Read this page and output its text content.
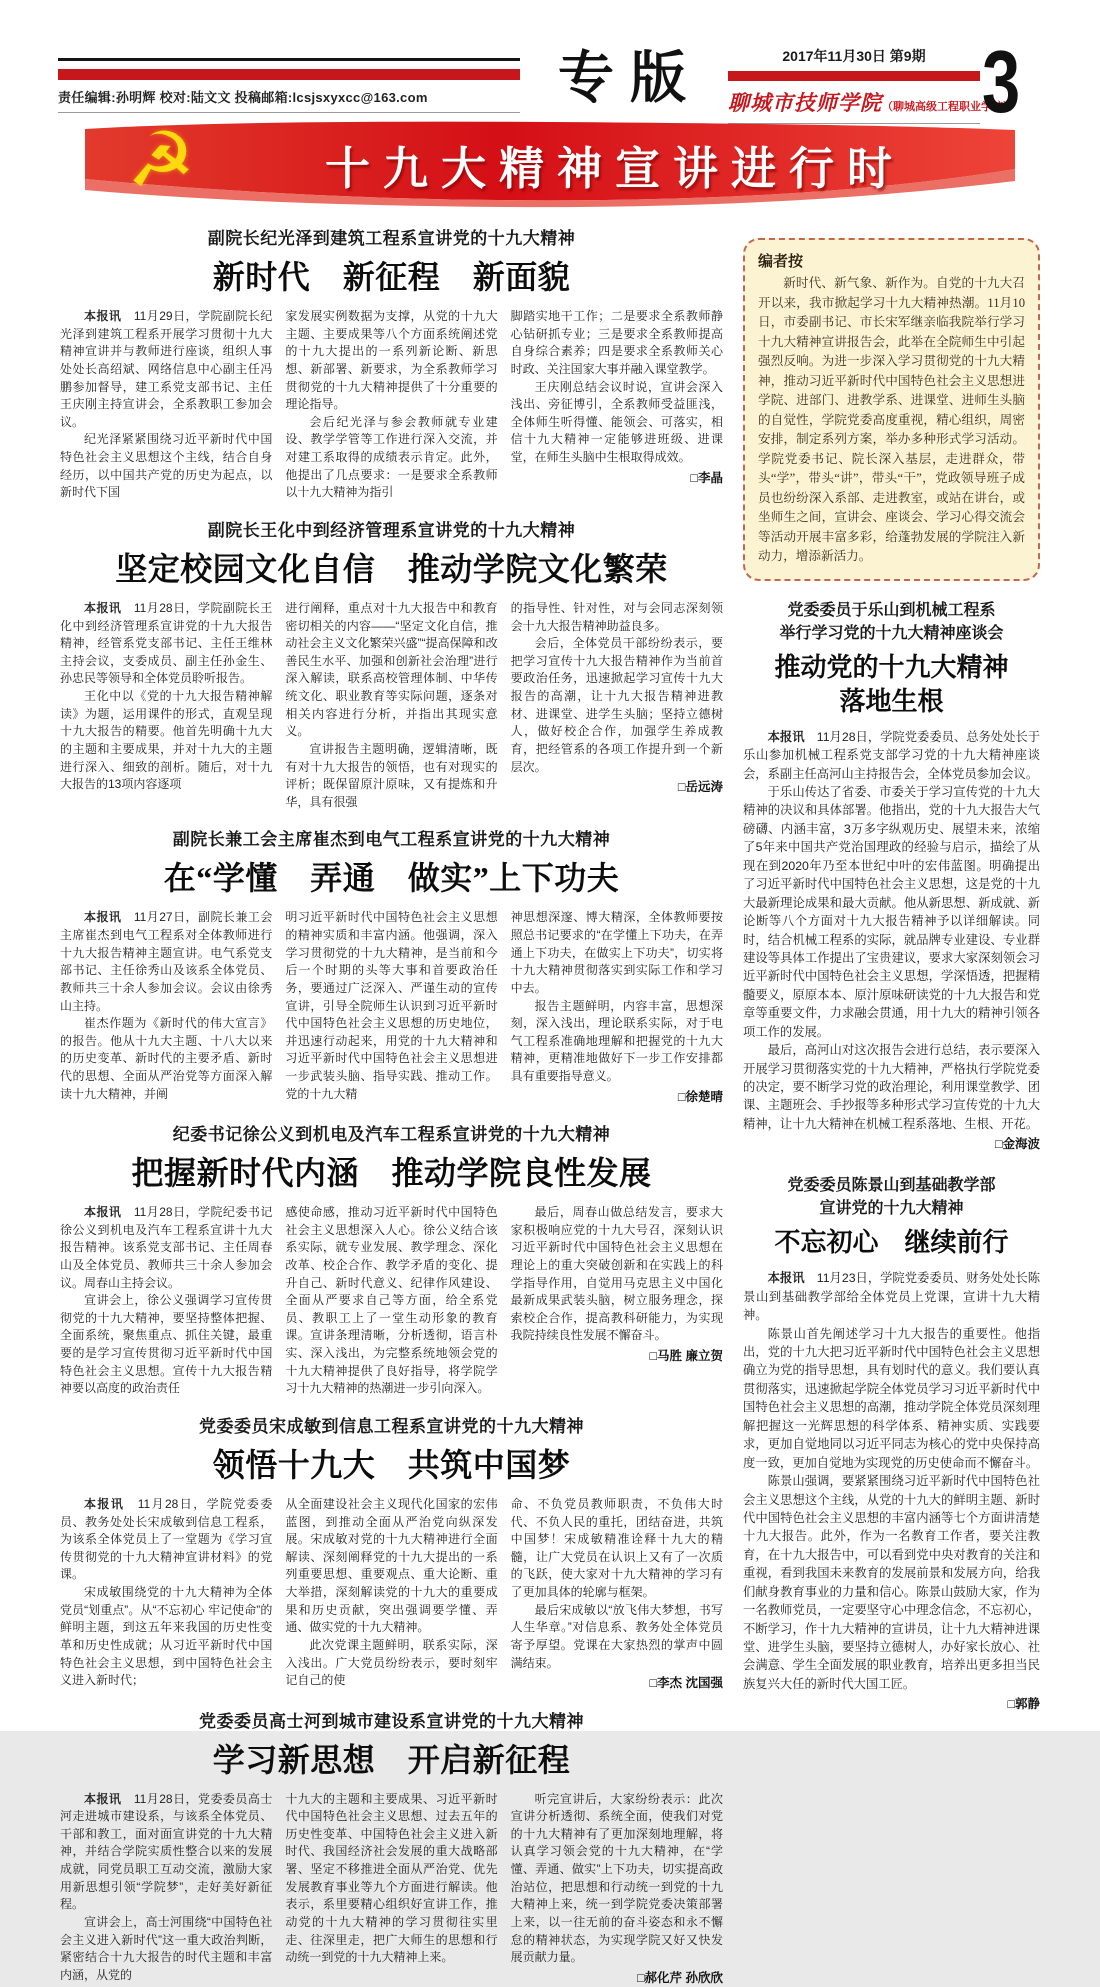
责任编辑:孙明辉 校对:陆文文 投稿邮箱:lcsjsxyxcc@163.com	专版	2017年11月30日 第9期
聊城市技师学院（聊城高级工程职业学校）
3
☭	十九大精神宣讲进行时
副院长纪光泽到建筑工程系宣讲党的十九大精神
新时代　新征程　新面貌

本报讯　11月29日，学院副院长纪光泽到建筑工程系开展学习贯彻十九大精神宣讲并与教师进行座谈，组织人事处处长高绍斌、网络信息中心副主任冯鹏参加督导，建工系党支部书记、主任王庆刚主持宣讲会，全系教职工参加会议。

纪光泽紧紧围绕习近平新时代中国特色社会主义思想这个主线，结合自身经历，以中国共产党的历史为起点，以新时代下国

家发展实例数据为支撑，从党的十九大主题、主要成果等八个方面系统阐述党的十九大提出的一系列新论断、新思想、新部署、新要求，为全系教师学习贯彻党的十九大精神提供了十分重要的理论指导。

会后纪光泽与参会教师就专业建设、教学学管等工作进行深入交流，并对建工系取得的成绩表示肯定。此外，他提出了几点要求：一是要求全系教师以十九大精神为指引

脚踏实地干工作；二是要求全系教师静心钻研抓专业；三是要求全系教师提高自身综合素养；四是要求全系教师关心时政、关注国家大事并融入课堂教学。

王庆刚总结会议时说，宣讲会深入浅出、旁征博引，全系教师受益匪浅，全体师生听得懂、能领会、可落实，相信十九大精神一定能够进班级、进课堂，在师生头脑中生根取得成效。

□李晶
副院长王化中到经济管理系宣讲党的十九大精神
坚定校园文化自信　推动学院文化繁荣

本报讯　11月28日，学院副院长王化中到经济管理系宣讲党的十九大报告精神，经管系党支部书记、主任王维林主持会议，支委成员、副主任孙金生、孙忠民等领导和全体党员聆听报告。

王化中以《党的十九大报告精神解读》为题，运用课件的形式，直观呈现十九大报告的精要。他首先明确十九大的主题和主要成果，并对十九大的主题进行深入、细致的剖析。随后，对十九大报告的13项内容逐项

进行阐释，重点对十九大报告中和教育密切相关的内容——“坚定文化自信，推动社会主义文化繁荣兴盛”“提高保障和改善民生水平、加强和创新社会治理”进行深入解读，联系高校管理体制、中华传统文化、职业教育等实际问题，逐条对相关内容进行分析，并指出其现实意义。

宣讲报告主题明确，逻辑清晰，既有对十九大报告的领悟，也有对现实的评析；既保留原汁原味，又有提炼和升华，具有很强

的指导性、针对性，对与会同志深刻领会十九大报告精神助益良多。

会后，全体党员干部纷纷表示，要把学习宣传十九大报告精神作为当前首要政治任务，迅速掀起学习宣传十九大报告的高潮，让十九大报告精神进教材、进课堂、进学生头脑；坚持立德树人，做好校企合作，加强学生养成教育，把经管系的各项工作提升到一个新层次。

□岳远涛
副院长兼工会主席崔杰到电气工程系宣讲党的十九大精神
在“学懂　弄通　做实”上下功夫

本报讯　11月27日，副院长兼工会主席崔杰到电气工程系对全体教师进行十九大报告精神主题宣讲。电气系党支部书记、主任徐秀山及该系全体党员、教师共三十余人参加会议。会议由徐秀山主持。

崔杰作题为《新时代的伟大宣言》的报告。他从十九大主题、十八大以来的历史变革、新时代的主要矛盾、新时代的思想、全面从严治党等方面深入解读十九大精神，并阐

明习近平新时代中国特色社会主义思想的精神实质和丰富内涵。他强调，深入学习贯彻党的十九大精神，是当前和今后一个时期的头等大事和首要政治任务，要通过广泛深入、严谨生动的宣传宣讲，引导全院师生认识到习近平新时代中国特色社会主义思想的历史地位，并迅速行动起来，用党的十九大精神和习近平新时代中国特色社会主义思想进一步武装头脑、指导实践、推动工作。党的十九大精

神思想深邃、博大精深，全体教师要按照总书记要求的“在学懂上下功夫，在弄通上下功夫，在做实上下功夫”，切实将十九大精神贯彻落实到实际工作和学习中去。

报告主题鲜明，内容丰富，思想深刻，深入浅出，理论联系实际，对于电气工程系准确地理解和把握党的十九大精神，更精准地做好下一步工作安排都具有重要指导意义。

□徐楚晴
纪委书记徐公义到机电及汽车工程系宣讲党的十九大精神
把握新时代内涵　推动学院良性发展

本报讯　11月28日，学院纪委书记徐公义到机电及汽车工程系宣讲十九大报告精神。该系党支部书记、主任周春山及全体党员、教师共三十余人参加会议。周春山主持会议。

宣讲会上，徐公义强调学习宣传贯彻党的十九大精神，要坚持整体把握、全面系统，聚焦重点、抓住关键，最重要的是学习宣传贯彻习近平新时代中国特色社会主义思想。宣传十九大报告精神要以高度的政治责任

感使命感，推动习近平新时代中国特色社会主义思想深入人心。徐公义结合该系实际，就专业发展、教学理念、深化改革、校企合作、教学矛盾的变化、提升自己、新时代意义、纪律作风建设、全面从严要求自己等方面，给全系党员、教职工上了一堂生动形象的教育课。宣讲条理清晰，分析透彻，语言朴实、深入浅出，为完整系统地领会党的十九大精神提供了良好指导，将学院学习十九大精神的热潮进一步引向深入。

最后，周春山做总结发言，要求大家积极响应党的十九大号召，深刻认识习近平新时代中国特色社会主义思想在理论上的重大突破创新和在实践上的科学指导作用，自觉用马克思主义中国化最新成果武装头脑，树立服务理念，探索校企合作，提高教科研能力，为实现我院持续良性发展不懈奋斗。

□马胜 廉立贺
党委委员宋成敏到信息工程系宣讲党的十九大精神
领悟十九大　共筑中国梦

本报讯　11月28日，学院党委委员、教务处处长宋成敏到信息工程系，为该系全体党员上了一堂题为《学习宣传贯彻党的十九大精神宣讲材料》的党课。

宋成敏围绕党的十九大精神为全体党员“划重点”。从“不忘初心 牢记使命”的鲜明主题，到这五年来我国的历史性变革和历史性成就；从习近平新时代中国特色社会主义思想，到中国特色社会主义进入新时代；

从全面建设社会主义现代化国家的宏伟蓝图，到推动全面从严治党向纵深发展。宋成敏对党的十九大精神进行全面解读、深刻阐释党的十九大提出的一系列重要思想、重要观点、重大论断、重大举措，深刻解读党的十九大的重要成果和历史贡献，突出强调要学懂、弄通、做实党的十九大精神。

此次党课主题鲜明，联系实际，深入浅出。广大党员纷纷表示，要时刻牢记自己的使

命、不负党员教师职责，不负伟大时代、不负人民的重托，团结奋进，共筑中国梦！宋成敏精准诠释十九大的精髓，让广大党员在认识上又有了一次质的飞跃，使大家对十九大精神的学习有了更加具体的轮廓与框架。

最后宋成敏以“放飞伟大梦想，书写人生华章。”对信息系、教务处全体党员寄予厚望。党课在大家热烈的掌声中圆满结束。

□李杰 沈国强
党委委员高士河到城市建设系宣讲党的十九大精神
学习新思想　开启新征程

本报讯　11月28日，党委委员高士河走进城市建设系，与该系全体党员、干部和教工，面对面宣讲党的十九大精神，并结合学院实质性整合以来的发展成就，同党员职工互动交流，激励大家用新思想引领“学院梦”，走好美好新征程。

宣讲会上，高士河围绕“中国特色社会主义进入新时代”这一重大政治判断，紧密结合十九大报告的时代主题和丰富内涵，从党的

十九大的主题和主要成果、习近平新时代中国特色社会主义思想、过去五年的历史性变革、中国特色社会主义进入新时代、我国经济社会发展的重大战略部署、坚定不移推进全面从严治党、优先发展教育事业等九个方面进行解读。他表示，系里要精心组织好宣讲工作，推动党的十九大精神的学习贯彻往实里走、往深里走，把广大师生的思想和行动统一到党的十九大精神上来。

听完宣讲后，大家纷纷表示：此次宣讲分析透彻、系统全面，使我们对党的十九大精神有了更加深刻地理解，将认真学习领会党的十九大精神，在“学懂、弄通、做实”上下功夫，切实提高政治站位，把思想和行动统一到党的十九大精神上来，统一到学院党委决策部署上来，以一往无前的奋斗姿态和永不懈怠的精神状态，为实现学院又好又快发展贡献力量。

□郝化芹 孙欣欣
编者按

新时代、新气象、新作为。自党的十九大召开以来，我市掀起学习十九大精神热潮。11月10日，市委副书记、市长宋军继亲临我院举行学习十九大精神宣讲报告会，此举在全院师生中引起强烈反响。为进一步深入学习贯彻党的十九大精神，推动习近平新时代中国特色社会主义思想进学院、进部门、进教学系、进课堂、进师生头脑的自觉性，学院党委高度重视，精心组织，周密安排，制定系列方案，举办多种形式学习活动。学院党委书记、院长深入基层，走进群众，带头“学”，带头“讲”，带头“干”，党政领导班子成员也纷纷深入系部、走进教室，或站在讲台，或坐师生之间，宣讲会、座谈会、学习心得交流会等活动开展丰富多彩，给蓬勃发展的学院注入新动力，增添新活力。

党委委员于乐山到机械工程系
举行学习党的十九大精神座谈会
推动党的十九大精神
落地生根

本报讯　11月28日，学院党委委员、总务处处长于乐山参加机械工程系党支部学习党的十九大精神座谈会，系副主任高河山主持报告会，全体党员参加会议。

于乐山传达了省委、市委关于学习宣传党的十九大精神的决议和具体部署。他指出，党的十九大报告大气磅礴、内涵丰富，3万多字纵观历史、展望未来，浓缩了5年来中国共产党治国理政的经验与启示，描绘了从现在到2020年乃至本世纪中叶的宏伟蓝图。明确提出了习近平新时代中国特色社会主义思想，这是党的十九大最新理论成果和最大贡献。他从新思想、新成就、新论断等八个方面对十九大报告精神予以详细解读。同时，结合机械工程系的实际，就品牌专业建设、专业群建设等具体工作提出了宝贵建议，要求大家深刻领会习近平新时代中国特色社会主义思想，学深悟透，把握精髓要义，原原本本、原汁原味研读党的十九大报告和党章等重要文件，力求融会贯通，用十九大的精神引领各项工作的发展。

最后，高河山对这次报告会进行总结，表示要深入开展学习贯彻落实党的十九大精神，严格执行学院党委的决定，要不断学习党的政治理论，利用课堂教学、团课、主题班会、手抄报等多种形式学习宣传党的十九大精神，让十九大精神在机械工程系落地、生根、开花。

□金海波
党委委员陈景山到基础教学部
宣讲党的十九大精神
不忘初心　继续前行

本报讯　11月23日，学院党委委员、财务处处长陈景山到基础教学部给全体党员上党课，宣讲十九大精神。

陈景山首先阐述学习十九大报告的重要性。他指出，党的十九大把习近平新时代中国特色社会主义思想确立为党的指导思想，具有划时代的意义。我们要认真贯彻落实，迅速掀起学院全体党员学习习近平新时代中国特色社会主义思想的高潮，推动学院全体党员深刻理解把握这一光辉思想的科学体系、精神实质、实践要求，更加自觉地同以习近平同志为核心的党中央保持高度一致，更加自觉地为实现党的历史使命而不懈奋斗。

陈景山强调，要紧紧围绕习近平新时代中国特色社会主义思想这个主线，从党的十九大的鲜明主题、新时代中国特色社会主义思想的丰富内涵等七个方面讲清楚十九大报告。此外，作为一名教育工作者，要关注教育，在十九大报告中，可以看到党中央对教育的关注和重视，看到我国未来教育的发展前景和发展方向，给我们献身教育事业的力量和信心。陈景山鼓励大家，作为一名教师党员，一定要坚守心中理念信念，不忘初心，不断学习，作十九大精神的宣讲员，让十九大精神进课堂、进学生头脑，要坚持立德树人，办好家长放心、社会满意、学生全面发展的职业教育，培养出更多担当民族复兴大任的新时代大国工匠。

□郭静
